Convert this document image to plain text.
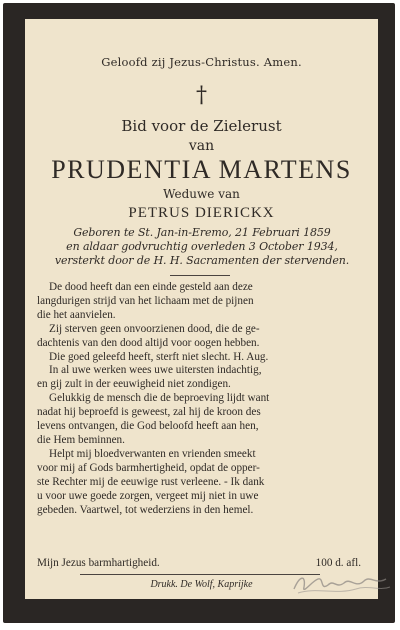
Geloofd zij Jezus-Christus. Amen.
†
Bid voor de Zielerust
van
PRUDENTIA MARTENS
Weduwe van
PETRUS DIERICKX
Geboren te St. Jan-in-Eremo, 21 Februari 1859
en aldaar godvruchtig overleden 3 October 1934,
versterkt door de H. H. Sacramenten der stervenden.
De dood heeft dan een einde gesteld aan deze
langdurigen strijd van het lichaam met de pijnen
die het aanvielen.
Zij sterven geen onvoorzienen dood, die de ge-
dachtenis van den dood altijd voor oogen hebben.
Die goed geleefd heeft, sterft niet slecht. H. Aug.
In al uwe werken wees uwe uitersten indachtig,
en gij zult in der eeuwigheid niet zondigen.
Gelukkig de mensch die de beproeving lijdt want
nadat hij beproefd is geweest, zal hij de kroon des
levens ontvangen, die God beloofd heeft aan hen,
die Hem beminnen.
Helpt mij bloedverwanten en vrienden smeekt
voor mij af Gods barmhertigheid, opdat de opper-
ste Rechter mij de eeuwige rust verleene. - Ik dank
u voor uwe goede zorgen, vergeet mij niet in uwe
gebeden. Vaartwel, tot wederziens in den hemel.
Mijn Jezus barmhartigheid.	100 d. afl.
Drukk. De Wolf, Kaprijke
